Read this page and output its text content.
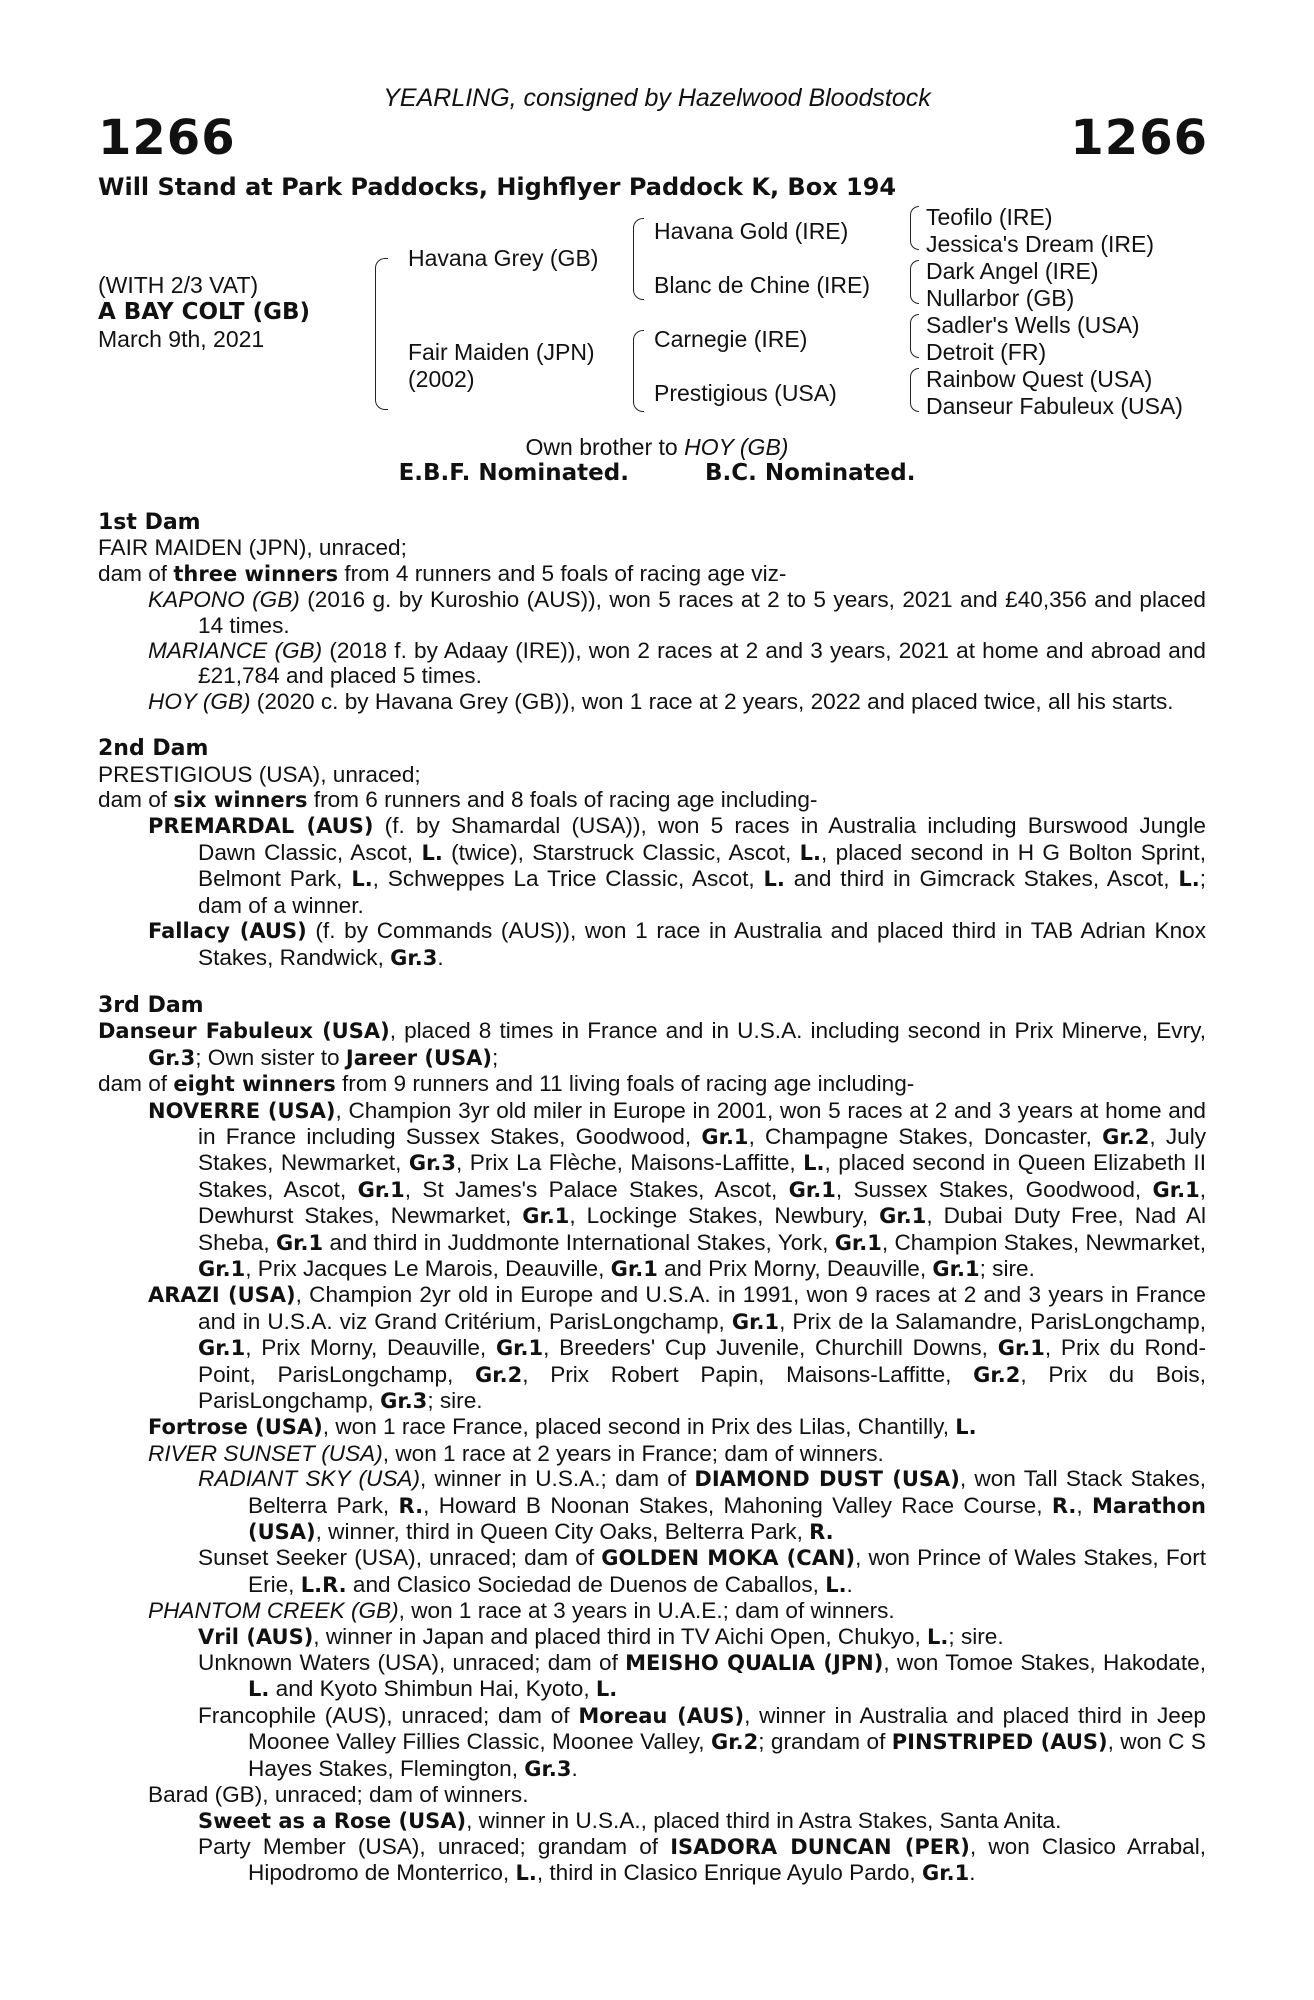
YEARLING, consigned by Hazelwood Bloodstock
1266	1266
Will Stand at Park Paddocks, Highflyer Paddock K, Box 194
(WITH 2/3 VAT)
A BAY COLT (GB)
March 9th, 2021
Havana Grey (GB)
Fair Maiden (JPN)
(2002)
Havana Gold (IRE)
Blanc de Chine (IRE)
Carnegie (IRE)
Prestigious (USA)
Teofilo (IRE)
Jessica's Dream (IRE)
Dark Angel (IRE)
Nullarbor (GB)
Sadler's Wells (USA)
Detroit (FR)
Rainbow Quest (USA)
Danseur Fabuleux (USA)
Own brother to HOY (GB)
E.B.F. Nominated.	B.C. Nominated.
1st Dam
FAIR MAIDEN (JPN), unraced;
dam of three winners from 4 runners and 5 foals of racing age viz-
KAPONO (GB) (2016 g. by Kuroshio (AUS)), won 5 races at 2 to 5 years, 2021 and £40,356 and placed 14 times.
MARIANCE (GB) (2018 f. by Adaay (IRE)), won 2 races at 2 and 3 years, 2021 at home and abroad and £21,784 and placed 5 times.
HOY (GB) (2020 c. by Havana Grey (GB)), won 1 race at 2 years, 2022 and placed twice, all his starts.
2nd Dam
PRESTIGIOUS (USA), unraced;
dam of six winners from 6 runners and 8 foals of racing age including-
PREMARDAL (AUS) (f. by Shamardal (USA)), won 5 races in Australia including Burswood Jungle Dawn Classic, Ascot, L. (twice), Starstruck Classic, Ascot, L., placed second in H G Bolton Sprint, Belmont Park, L., Schweppes La Trice Classic, Ascot, L. and third in Gimcrack Stakes, Ascot, L.; dam of a winner.
Fallacy (AUS) (f. by Commands (AUS)), won 1 race in Australia and placed third in TAB Adrian Knox Stakes, Randwick, Gr.3.
3rd Dam
Danseur Fabuleux (USA), placed 8 times in France and in U.S.A. including second in Prix Minerve, Evry, Gr.3; Own sister to Jareer (USA);
dam of eight winners from 9 runners and 11 living foals of racing age including-
NOVERRE (USA), Champion 3yr old miler in Europe in 2001, won 5 races at 2 and 3 years at home and in France including Sussex Stakes, Goodwood, Gr.1, Champagne Stakes, Doncaster, Gr.2, July Stakes, Newmarket, Gr.3, Prix La Flèche, Maisons-Laffitte, L., placed second in Queen Elizabeth II Stakes, Ascot, Gr.1, St James's Palace Stakes, Ascot, Gr.1, Sussex Stakes, Goodwood, Gr.1, Dewhurst Stakes, Newmarket, Gr.1, Lockinge Stakes, Newbury, Gr.1, Dubai Duty Free, Nad Al Sheba, Gr.1 and third in Juddmonte International Stakes, York, Gr.1, Champion Stakes, Newmarket, Gr.1, Prix Jacques Le Marois, Deauville, Gr.1 and Prix Morny, Deauville, Gr.1; sire.
ARAZI (USA), Champion 2yr old in Europe and U.S.A. in 1991, won 9 races at 2 and 3 years in France and in U.S.A. viz Grand Critérium, ParisLongchamp, Gr.1, Prix de la Salamandre, ParisLongchamp, Gr.1, Prix Morny, Deauville, Gr.1, Breeders' Cup Juvenile, Churchill Downs, Gr.1, Prix du Rond-Point, ParisLongchamp, Gr.2, Prix Robert Papin, Maisons-Laffitte, Gr.2, Prix du Bois, ParisLongchamp, Gr.3; sire.
Fortrose (USA), won 1 race France, placed second in Prix des Lilas, Chantilly, L.
RIVER SUNSET (USA), won 1 race at 2 years in France; dam of winners.
RADIANT SKY (USA), winner in U.S.A.; dam of DIAMOND DUST (USA), won Tall Stack Stakes, Belterra Park, R., Howard B Noonan Stakes, Mahoning Valley Race Course, R., Marathon (USA), winner, third in Queen City Oaks, Belterra Park, R.
Sunset Seeker (USA), unraced; dam of GOLDEN MOKA (CAN), won Prince of Wales Stakes, Fort Erie, L.R. and Clasico Sociedad de Duenos de Caballos, L..
PHANTOM CREEK (GB), won 1 race at 3 years in U.A.E.; dam of winners.
Vril (AUS), winner in Japan and placed third in TV Aichi Open, Chukyo, L.; sire.
Unknown Waters (USA), unraced; dam of MEISHO QUALIA (JPN), won Tomoe Stakes, Hakodate, L. and Kyoto Shimbun Hai, Kyoto, L.
Francophile (AUS), unraced; dam of Moreau (AUS), winner in Australia and placed third in Jeep Moonee Valley Fillies Classic, Moonee Valley, Gr.2; grandam of PINSTRIPED (AUS), won C S Hayes Stakes, Flemington, Gr.3.
Barad (GB), unraced; dam of winners.
Sweet as a Rose (USA), winner in U.S.A., placed third in Astra Stakes, Santa Anita.
Party Member (USA), unraced; grandam of ISADORA DUNCAN (PER), won Clasico Arrabal, Hipodromo de Monterrico, L., third in Clasico Enrique Ayulo Pardo, Gr.1.
